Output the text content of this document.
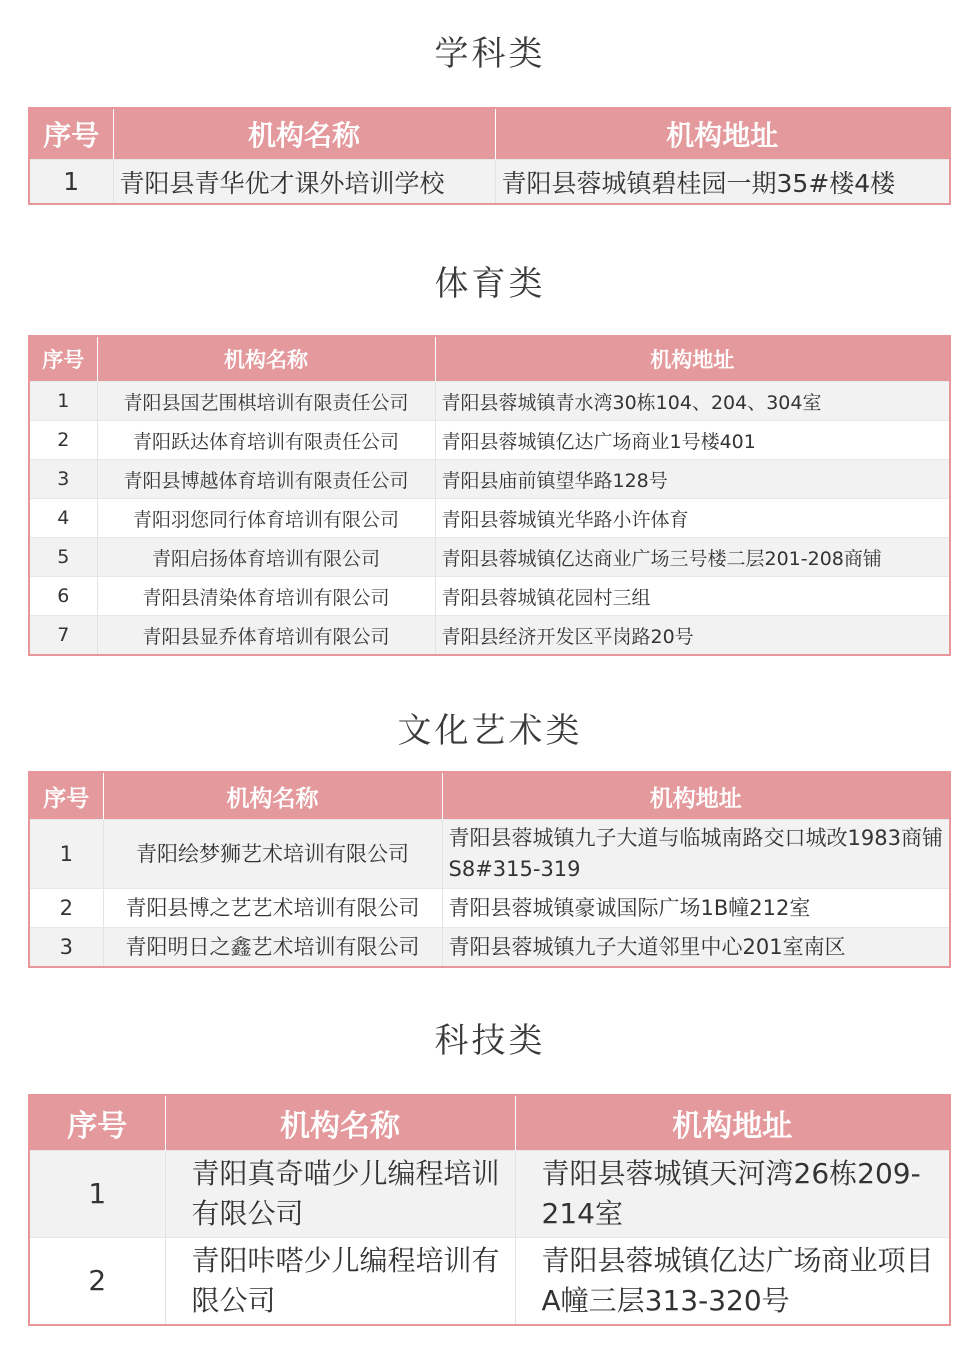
学科类
序号	机构名称	机构地址
1	青阳县青华优才课外培训学校	青阳县蓉城镇碧桂园一期35#楼4楼
体育类
序号	机构名称	机构地址
1	青阳县国艺围棋培训有限责任公司	青阳县蓉城镇青水湾30栋104、204、304室
2	青阳跃达体育培训有限责任公司	青阳县蓉城镇亿达广场商业1号楼401
3	青阳县博越体育培训有限责任公司	青阳县庙前镇望华路128号
4	青阳羽您同行体育培训有限公司	青阳县蓉城镇光华路小许体育
5	青阳启扬体育培训有限公司	青阳县蓉城镇亿达商业广场三号楼二层201-208商铺
6	青阳县清染体育培训有限公司	青阳县蓉城镇花园村三组
7	青阳县显乔体育培训有限公司	青阳县经济开发区平岗路20号
文化艺术类
序号	机构名称	机构地址
1	青阳绘梦狮艺术培训有限公司	青阳县蓉城镇九子大道与临城南路交口城改1983商铺S8#315-319
2	青阳县博之艺艺术培训有限公司	青阳县蓉城镇豪诚国际广场1B幢212室
3	青阳明日之鑫艺术培训有限公司	青阳县蓉城镇九子大道邻里中心201室南区
科技类
序号	机构名称	机构地址
1	青阳真奇喵少儿编程培训有限公司	青阳县蓉城镇天河湾26栋209-214室
2	青阳咔嗒少儿编程培训有限公司	青阳县蓉城镇亿达广场商业项目A幢三层313-320号
